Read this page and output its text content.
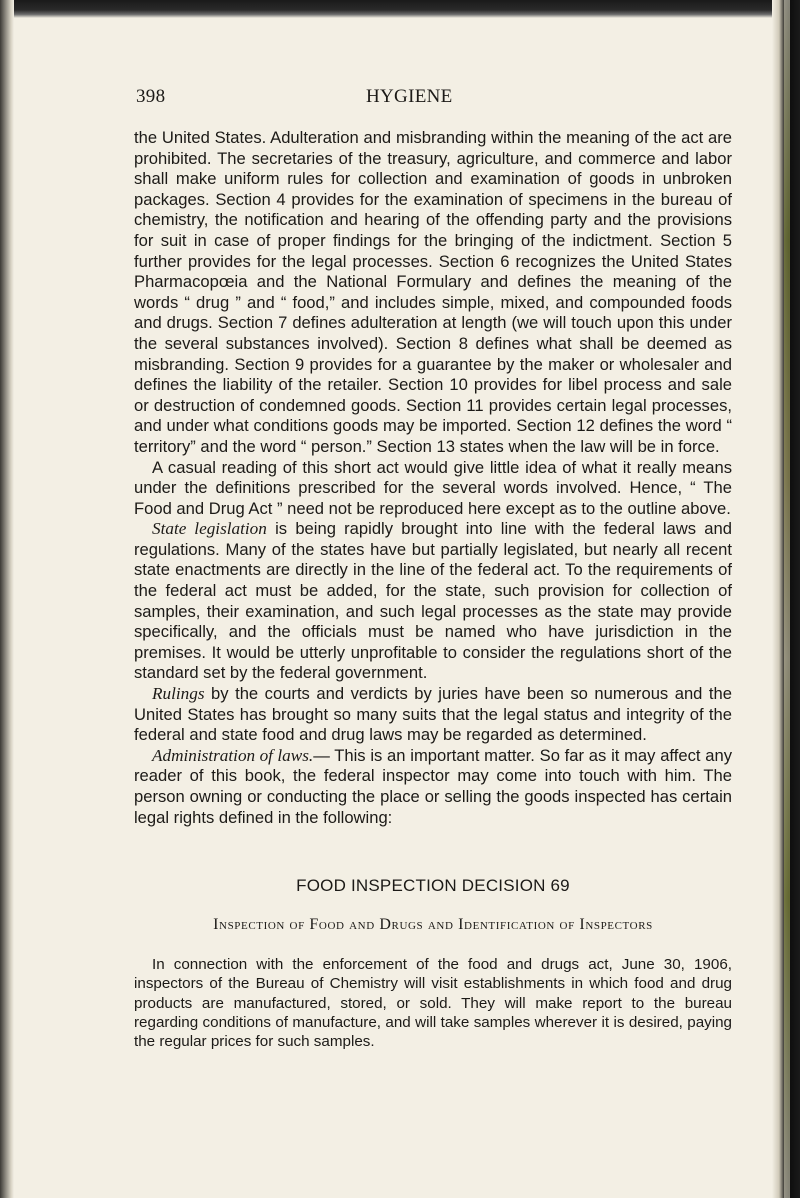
398	HYGIENE

the United States. Adulteration and misbranding within the meaning of the act are prohibited. The secretaries of the treasury, agriculture, and commerce and labor shall make uniform rules for collection and examination of goods in unbroken packages. Section 4 provides for the examination of specimens in the bureau of chemistry, the notification and hearing of the offending party and the provisions for suit in case of proper findings for the bringing of the indictment. Section 5 further provides for the legal processes. Section 6 recognizes the United States Pharmacopœia and the National Formulary and defines the meaning of the words “ drug ” and “ food,” and includes simple, mixed, and compounded foods and drugs. Section 7 defines adulteration at length (we will touch upon this under the several substances involved). Section 8 defines what shall be deemed as misbranding. Section 9 provides for a guarantee by the maker or wholesaler and defines the liability of the retailer. Section 10 provides for libel process and sale or destruction of condemned goods. Section 11 provides certain legal processes, and under what conditions goods may be imported. Section 12 defines the word “ territory” and the word “ person.” Section 13 states when the law will be in force.

A casual reading of this short act would give little idea of what it really means under the definitions prescribed for the several words involved. Hence, “ The Food and Drug Act ” need not be reproduced here except as to the outline above.

State legislation is being rapidly brought into line with the federal laws and regulations. Many of the states have but partially legislated, but nearly all recent state enactments are directly in the line of the federal act. To the requirements of the federal act must be added, for the state, such provision for collection of samples, their examination, and such legal processes as the state may provide specifically, and the officials must be named who have jurisdiction in the premises. It would be utterly unprofitable to consider the regulations short of the standard set by the federal government.

Rulings by the courts and verdicts by juries have been so numerous and the United States has brought so many suits that the legal status and integrity of the federal and state food and drug laws may be regarded as determined.

Administration of laws.— This is an important matter. So far as it may affect any reader of this book, the federal inspector may come into touch with him. The person owning or conducting the place or selling the goods inspected has certain legal rights defined in the following:

FOOD INSPECTION DECISION 69
Inspection of Food and Drugs and Identification of Inspectors

In connection with the enforcement of the food and drugs act, June 30, 1906, inspectors of the Bureau of Chemistry will visit establishments in which food and drug products are manufactured, stored, or sold. They will make report to the bureau regarding conditions of manufacture, and will take samples wherever it is desired, paying the regular prices for such samples.
